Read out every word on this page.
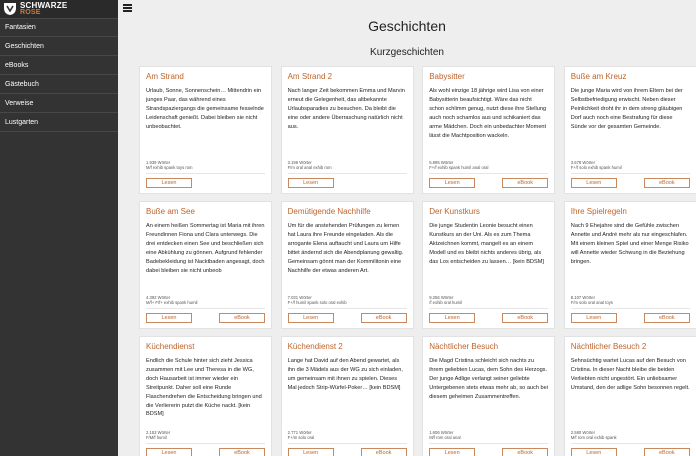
SCHWARZE
ROSE
Fantasien
Geschichten
eBooks
Gästebuch
Verweise
Lustgarten
Geschichten
Kurzgeschichten
Am Strand
Urlaub, Sonne, Sonnenschein… Mittendrin ein junges Paar, das während eines Strandspaziergangs die gemeinsame fesselnde Leidenschaft genießt. Dabei bleiben sie nicht unbeobachtet.
1.939 Wörter
M/f exhib spank toys rom
Lesen
Am Strand 2
Nach langer Zeit bekommen Emma und Marvin erneut die Gelegenheit, das altbekannte Urlaubsparadies zu besuchen. Da bleibt die eine oder andere Überraschung natürlich nicht aus.
3.196 Wörter
F/m oral anal exhib rom
Lesen
Babysitter
Als wohl einzige 18 jährige wird Lisa von einer Babysitterin beaufsichtigt. Wäre das nicht schon schlimm genug, nutzt diese ihre Stellung auch noch schamlos aus und schikaniert das arme Mädchen. Doch ein unbedachter Moment lässt die Machtposition wackeln.
5.895 Wörter
F+/f exhib spank humil anal oral
Lesen	eBook
Buße am Kreuz
Die junge Maria wird von ihrem Eltern bei der Selbstbefriedigung erwischt. Neben dieser Peinlichkeit droht ihr in dem streng gläubigen Dorf auch noch eine Bestrafung für diese Sünde vor der gesamten Gemeinde.
3.678 Wörter
F+/f solo exhib spank humil
Lesen	eBook
Buße am See
An einem heißen Sommertag ist Maria mit ihren Freundinnen Fiona und Clara unterwegs. Die drei entdecken einen See und beschließen sich eine Abkühlung zu gönnen. Aufgrund fehlender Badebekleidung ist Nacktbaden angesagt, doch dabei bleiben sie nicht unbeob
4.392 Wörter
M/f+ F/f+ exhib spank humil
Lesen	eBook
Demütigende Nachhilfe
Um für die anstehenden Prüfungen zu lernen hat Laura ihre Freunde eingeladen. Als die arrogante Elena auftaucht und Laura um Hilfe bittet ändernd sich die Abendplanung gewaltig. Gemeinsam gönnt man der Kommilitonin eine Nachhilfe der etwas anderen Art.
7.031 Wörter
F+/f humil spank solo oral exhib
Lesen	eBook
Der Kunstkurs
Die junge Studentin Leonie besucht einen Kunstkurs an der Uni. Als es zum Thema Aktzeichnen kommt, mangelt es an einem Modell und es bleibt nichts anderes übrig, als das Los entscheiden zu lassen… [kein BDSM]
9.256 Wörter
/f exhib oral humil
Lesen	eBook
Ihre Spielregeln
Nach 9 Ehejahre sind die Gefühle zwischen Annette und André mehr als nur eingeschlafen. Mit einem kleinen Spiel und einer Menge Risiko will Annette wieder Schwung in die Beziehung bringen.
8.107 Wörter
F/m solo oral anal toys
Lesen	eBook
Küchendienst
Endlich die Schule hinter sich zieht Jessica zusammen mit Lee und Theresa in die WG, doch Hausarbeit ist immer wieder ein Streitpunkt. Daher soll eine Runde Flaschendrehen die Entscheidung bringen und die Verliererin putzt die Küche nackt. [kein BDSM]
2.153 Wörter
F/M/f humil
Lesen	eBook
Küchendienst 2
Lange hat David auf den Abend gewartet, als ihn die 3 Mädels aus der WG zu sich einladen, um gemeinsam mit ihnen zu spielen. Dieses Mal jedoch Strip-Würfel-Poker… [kein BDSM]
2.771 Wörter
F+/m solo oral
Lesen	eBook
Nächtlicher Besuch
Die Magd Cristina schleicht sich nachts zu ihrem geliebten Lucas, dem Sohn des Herzogs. Der junge Adlige verlangt seiner geliebte Untergebenen stets etwas mehr ab, so auch bei diesem geheimen Zusammentreffen.
1.606 Wörter
M/f rom oral anal
Lesen	eBook
Nächtlicher Besuch 2
Sehnsüchtig wartet Lucas auf den Besuch von Cristina. In dieser Nacht bleibe die beiden Verliebten nicht ungestört. Ein unliebsamer Umstand, den der adlige Sohn besonnen regelt.
2.580 Wörter
M/f rom oral exhib spank
Lesen	eBook
